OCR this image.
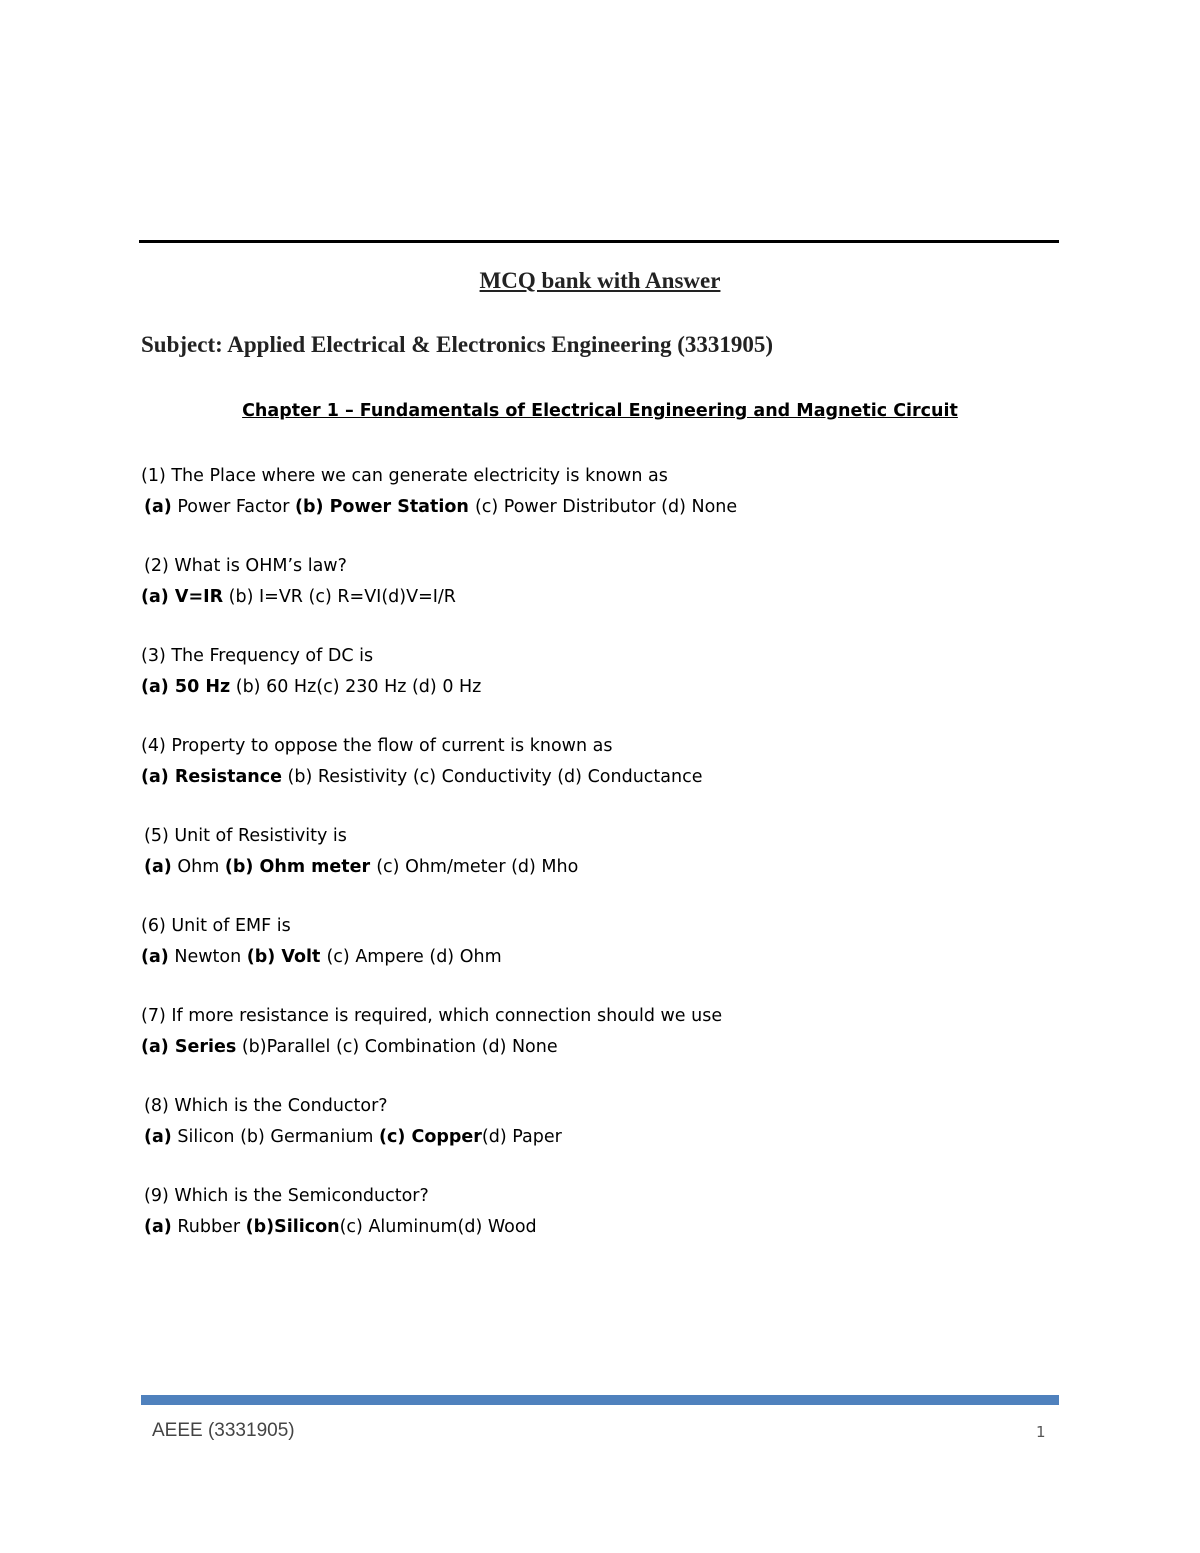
MCQ bank with Answer
Subject: Applied Electrical & Electronics Engineering (3331905)
Chapter 1 – Fundamentals of Electrical Engineering and Magnetic Circuit
(1) The Place where we can generate electricity is known as
(a) Power Factor (b) Power Station (c) Power Distributor (d) None
(2) What is OHM’s law?
(a) V=IR (b) I=VR (c) R=VI(d)V=I/R
(3) The Frequency of DC is
(a) 50 Hz (b) 60 Hz(c) 230 Hz (d) 0 Hz
(4) Property to oppose the flow of current is known as
(a) Resistance (b) Resistivity (c) Conductivity (d) Conductance
(5) Unit of Resistivity is
(a) Ohm (b) Ohm meter (c) Ohm/meter (d) Mho
(6) Unit of EMF is
(a) Newton (b) Volt (c) Ampere (d) Ohm
(7) If more resistance is required, which connection should we use
(a) Series (b)Parallel (c) Combination (d) None
(8) Which is the Conductor?
(a) Silicon (b) Germanium (c) Copper(d) Paper
(9) Which is the Semiconductor?
(a) Rubber (b)Silicon(c) Aluminum(d) Wood
AEEE (3331905)	1
